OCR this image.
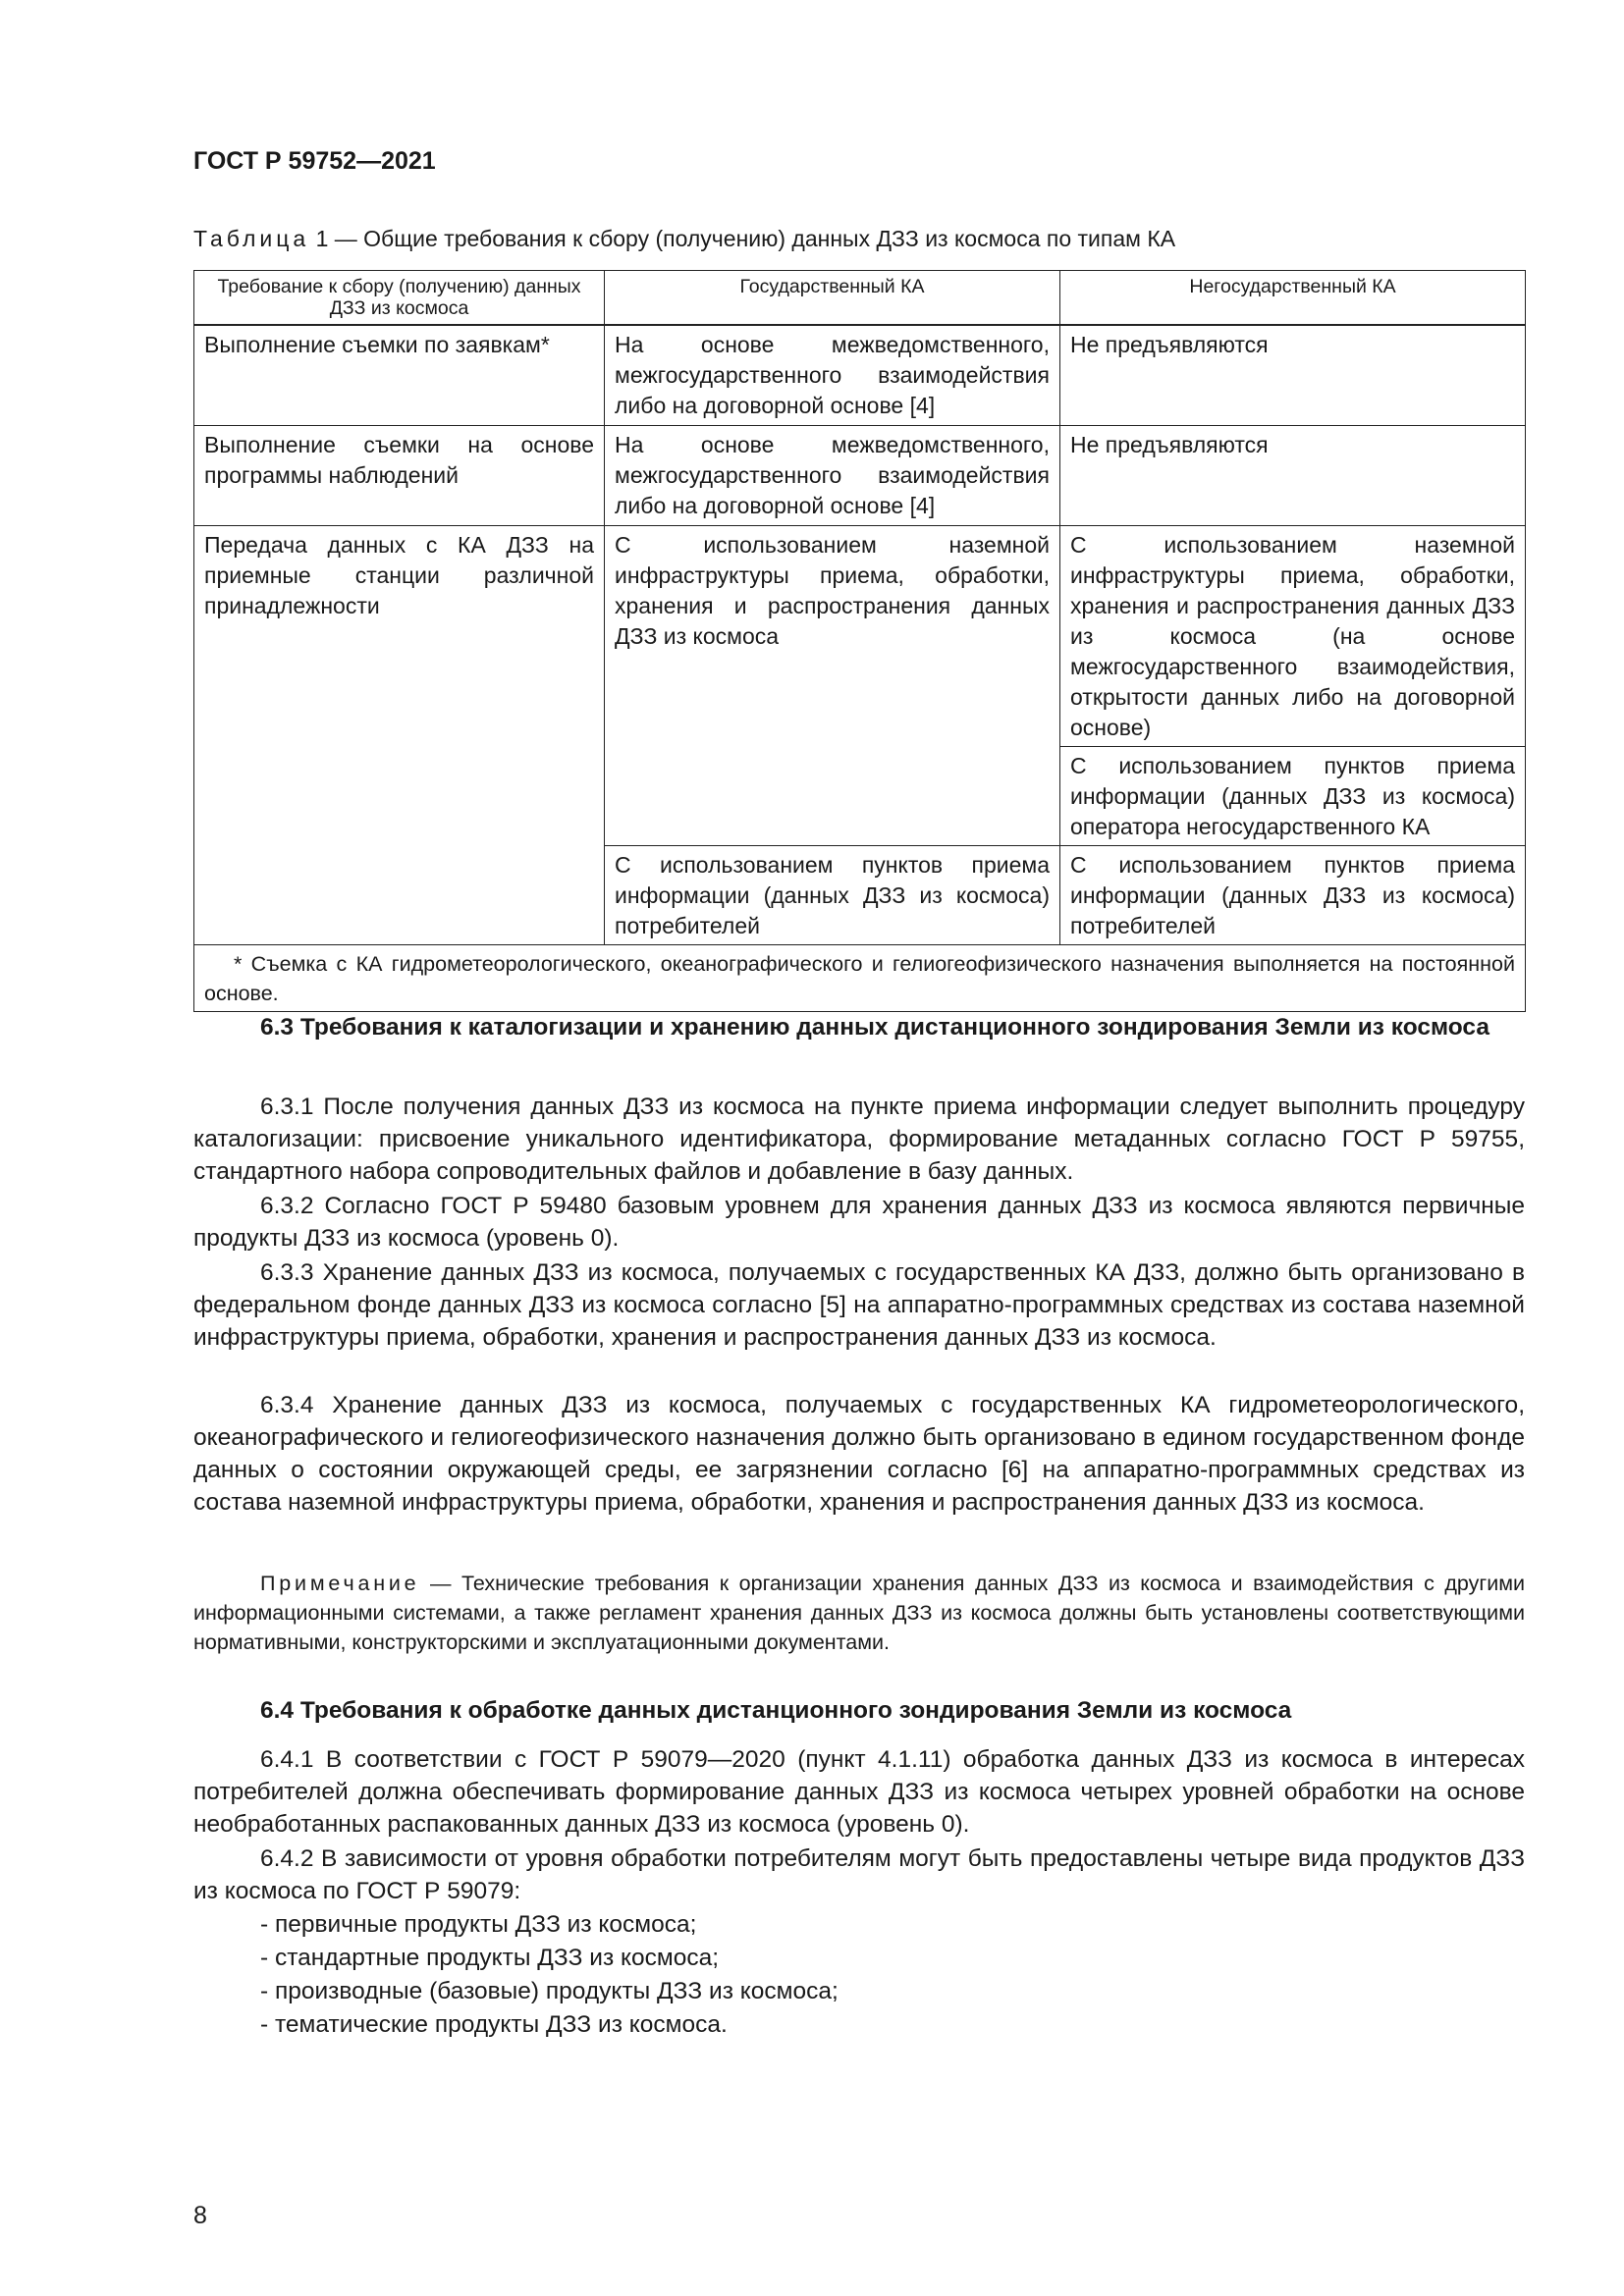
ГОСТ Р 59752—2021
Таблица 1 — Общие требования к сбору (получению) данных ДЗЗ из космоса по типам КА
Требование к сбору (получению) данных ДЗЗ из космоса	Государственный КА	Негосударственный КА
Выполнение съемки по заявкам*	На основе межведомственного, межгосударственного взаимодействия либо на договорной основе [4]	Не предъявляются
Выполнение съемки на основе программы наблюдений	На основе межведомственного, межгосударственного взаимодействия либо на договорной основе [4]	Не предъявляются
Передача данных с КА ДЗЗ на приемные станции различной принадлежности	С использованием наземной инфраструктуры приема, обработки, хранения и распространения данных ДЗЗ из космоса	С использованием наземной инфраструктуры приема, обработки, хранения и распространения данных ДЗЗ из космоса (на основе межгосударственного взаимодействия, открытости данных либо на договорной основе)
		С использованием пунктов приема информации (данных ДЗЗ из космоса) оператора негосударственного КА
	С использованием пунктов приема информации (данных ДЗЗ из космоса) потребителей	С использованием пунктов приема информации (данных ДЗЗ из космоса) потребителей
* Съемка с КА гидрометеорологического, океанографического и гелиогеофизического назначения выполняется на постоянной основе.		
6.3 Требования к каталогизации и хранению данных дистанционного зондирования Земли из космоса
6.3.1 После получения данных ДЗЗ из космоса на пункте приема информации следует выполнить процедуру каталогизации: присвоение уникального идентификатора, формирование метаданных согласно ГОСТ Р 59755, стандартного набора сопроводительных файлов и добавление в базу данных.
6.3.2 Согласно ГОСТ Р 59480 базовым уровнем для хранения данных ДЗЗ из космоса являются первичные продукты ДЗЗ из космоса (уровень 0).
6.3.3 Хранение данных ДЗЗ из космоса, получаемых с государственных КА ДЗЗ, должно быть организовано в федеральном фонде данных ДЗЗ из космоса согласно [5] на аппаратно-программных средствах из состава наземной инфраструктуры приема, обработки, хранения и распространения данных ДЗЗ из космоса.
6.3.4 Хранение данных ДЗЗ из космоса, получаемых с государственных КА гидрометеорологического, океанографического и гелиогеофизического назначения должно быть организовано в едином государственном фонде данных о состоянии окружающей среды, ее загрязнении согласно [6] на аппаратно-программных средствах из состава наземной инфраструктуры приема, обработки, хранения и распространения данных ДЗЗ из космоса.
Примечание — Технические требования к организации хранения данных ДЗЗ из космоса и взаимодействия с другими информационными системами, а также регламент хранения данных ДЗЗ из космоса должны быть установлены соответствующими нормативными, конструкторскими и эксплуатационными документами.
6.4 Требования к обработке данных дистанционного зондирования Земли из космоса
6.4.1 В соответствии с ГОСТ Р 59079—2020 (пункт 4.1.11) обработка данных ДЗЗ из космоса в интересах потребителей должна обеспечивать формирование данных ДЗЗ из космоса четырех уровней обработки на основе необработанных распакованных данных ДЗЗ из космоса (уровень 0).
6.4.2 В зависимости от уровня обработки потребителям могут быть предоставлены четыре вида продуктов ДЗЗ из космоса по ГОСТ Р 59079:
- первичные продукты ДЗЗ из космоса;
- стандартные продукты ДЗЗ из космоса;
- производные (базовые) продукты ДЗЗ из космоса;
- тематические продукты ДЗЗ из космоса.
8
